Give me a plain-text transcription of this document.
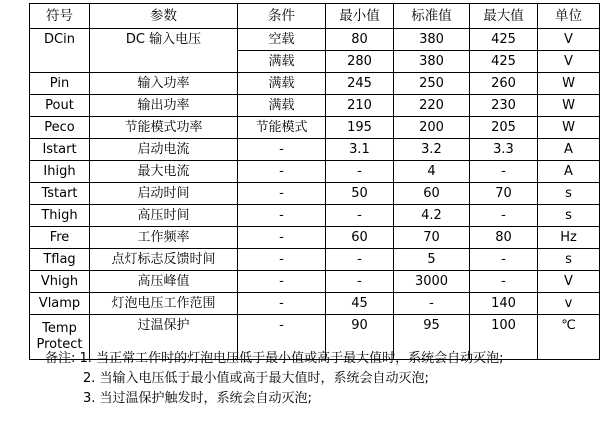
符号	参数	条件	最小值	标准值	最大值	单位
DCin	DC 输入电压	空载	80	380	425	V
		满载	280	380	425	V
Pin	输入功率	满载	245	250	260	W
Pout	输出功率	满载	210	220	230	W
Peco	节能模式功率	节能模式	195	200	205	W
Istart	启动电流	-	3.1	3.2	3.3	A
Ihigh	最大电流	-	-	4	-	A
Tstart	启动时间	-	50	60	70	s
Thigh	高压时间	-	-	4.2	-	s
Fre	工作频率	-	60	70	80	Hz
Tflag	点灯标志反馈时间	-	-	5	-	s
Vhigh	高压峰值	-	-	3000	-	V
Vlamp	灯泡电压工作范围	-	45	-	140	v
Temp Protect	过温保护	-	90	95	100	℃
备注: 1. 当正常工作时的灯泡电压低于最小值或高于最大值时，系统会自动灭泡;
2. 当输入电压低于最小值或高于最大值时，系统会自动灭泡;
3. 当过温保护触发时，系统会自动灭泡;
